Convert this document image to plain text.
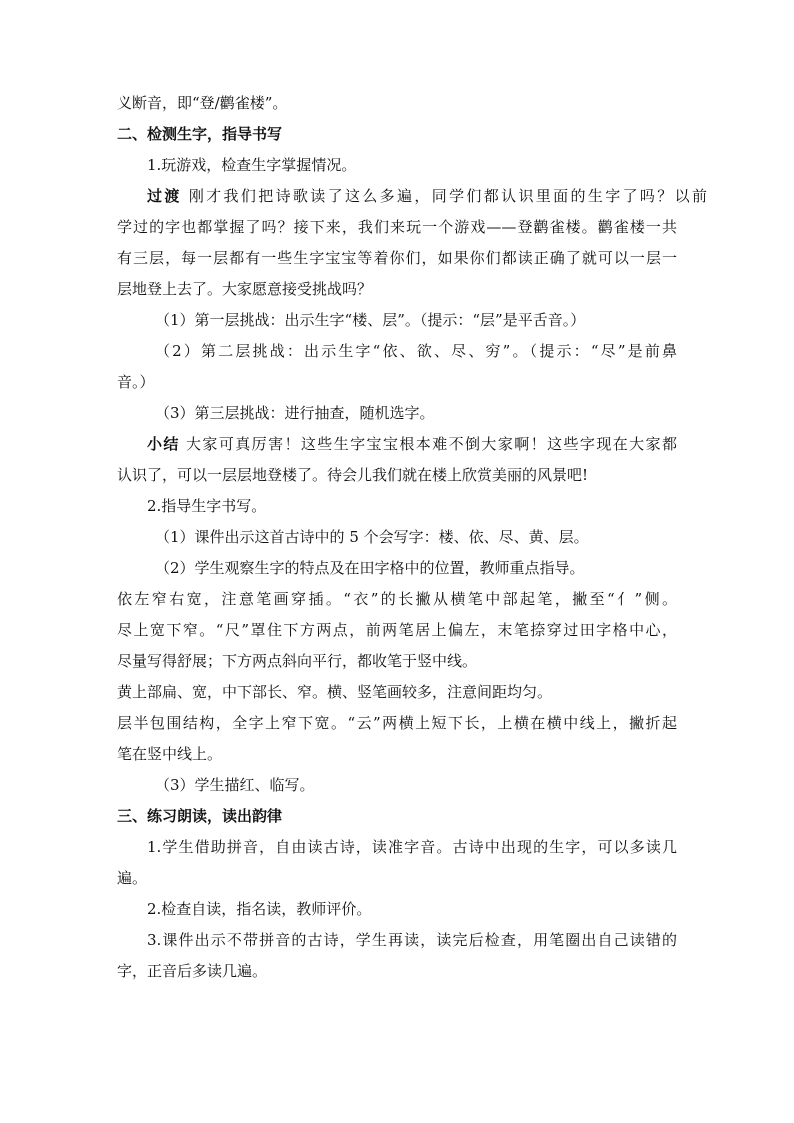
义断音，即“登/鹳雀楼”。
二、检测生字，指导书写
1.玩游戏，检查生字掌握情况。
过渡 刚才我们把诗歌读了这么多遍，同学们都认识里面的生字了吗？以前
学过的字也都掌握了吗？接下来，我们来玩一个游戏——登鹳雀楼。鹳雀楼一共
有三层，每一层都有一些生字宝宝等着你们，如果你们都读正确了就可以一层一
层地登上去了。大家愿意接受挑战吗？
（1）第一层挑战：出示生字“楼、层”。（提示：“层”是平舌音。）
（2）第二层挑战：出示生字“依、欲、尽、穷”。（提示：“尽”是前鼻
音。）
（3）第三层挑战：进行抽查，随机选字。
小结 大家可真厉害！这些生字宝宝根本难不倒大家啊！这些字现在大家都
认识了，可以一层层地登楼了。待会儿我们就在楼上欣赏美丽的风景吧!
2.指导生字书写。
（1）课件出示这首古诗中的 5 个会写字：楼、依、尽、黄、层。
（2）学生观察生字的特点及在田字格中的位置，教师重点指导。
依左窄右宽，注意笔画穿插。“衣”的长撇从横笔中部起笔，撇至“亻”侧。
尽上宽下窄。“尺”罩住下方两点，前两笔居上偏左，末笔捺穿过田字格中心，
尽量写得舒展；下方两点斜向平行，都收笔于竖中线。
黄上部扁、宽，中下部长、窄。横、竖笔画较多，注意间距均匀。
层半包围结构，全字上窄下宽。“云”两横上短下长，上横在横中线上，撇折起
笔在竖中线上。
（3）学生描红、临写。
三、练习朗读，读出韵律
1.学生借助拼音，自由读古诗，读准字音。古诗中出现的生字，可以多读几
遍。
2.检查自读，指名读，教师评价。
3.课件出示不带拼音的古诗，学生再读，读完后检查，用笔圈出自己读错的
字，正音后多读几遍。
